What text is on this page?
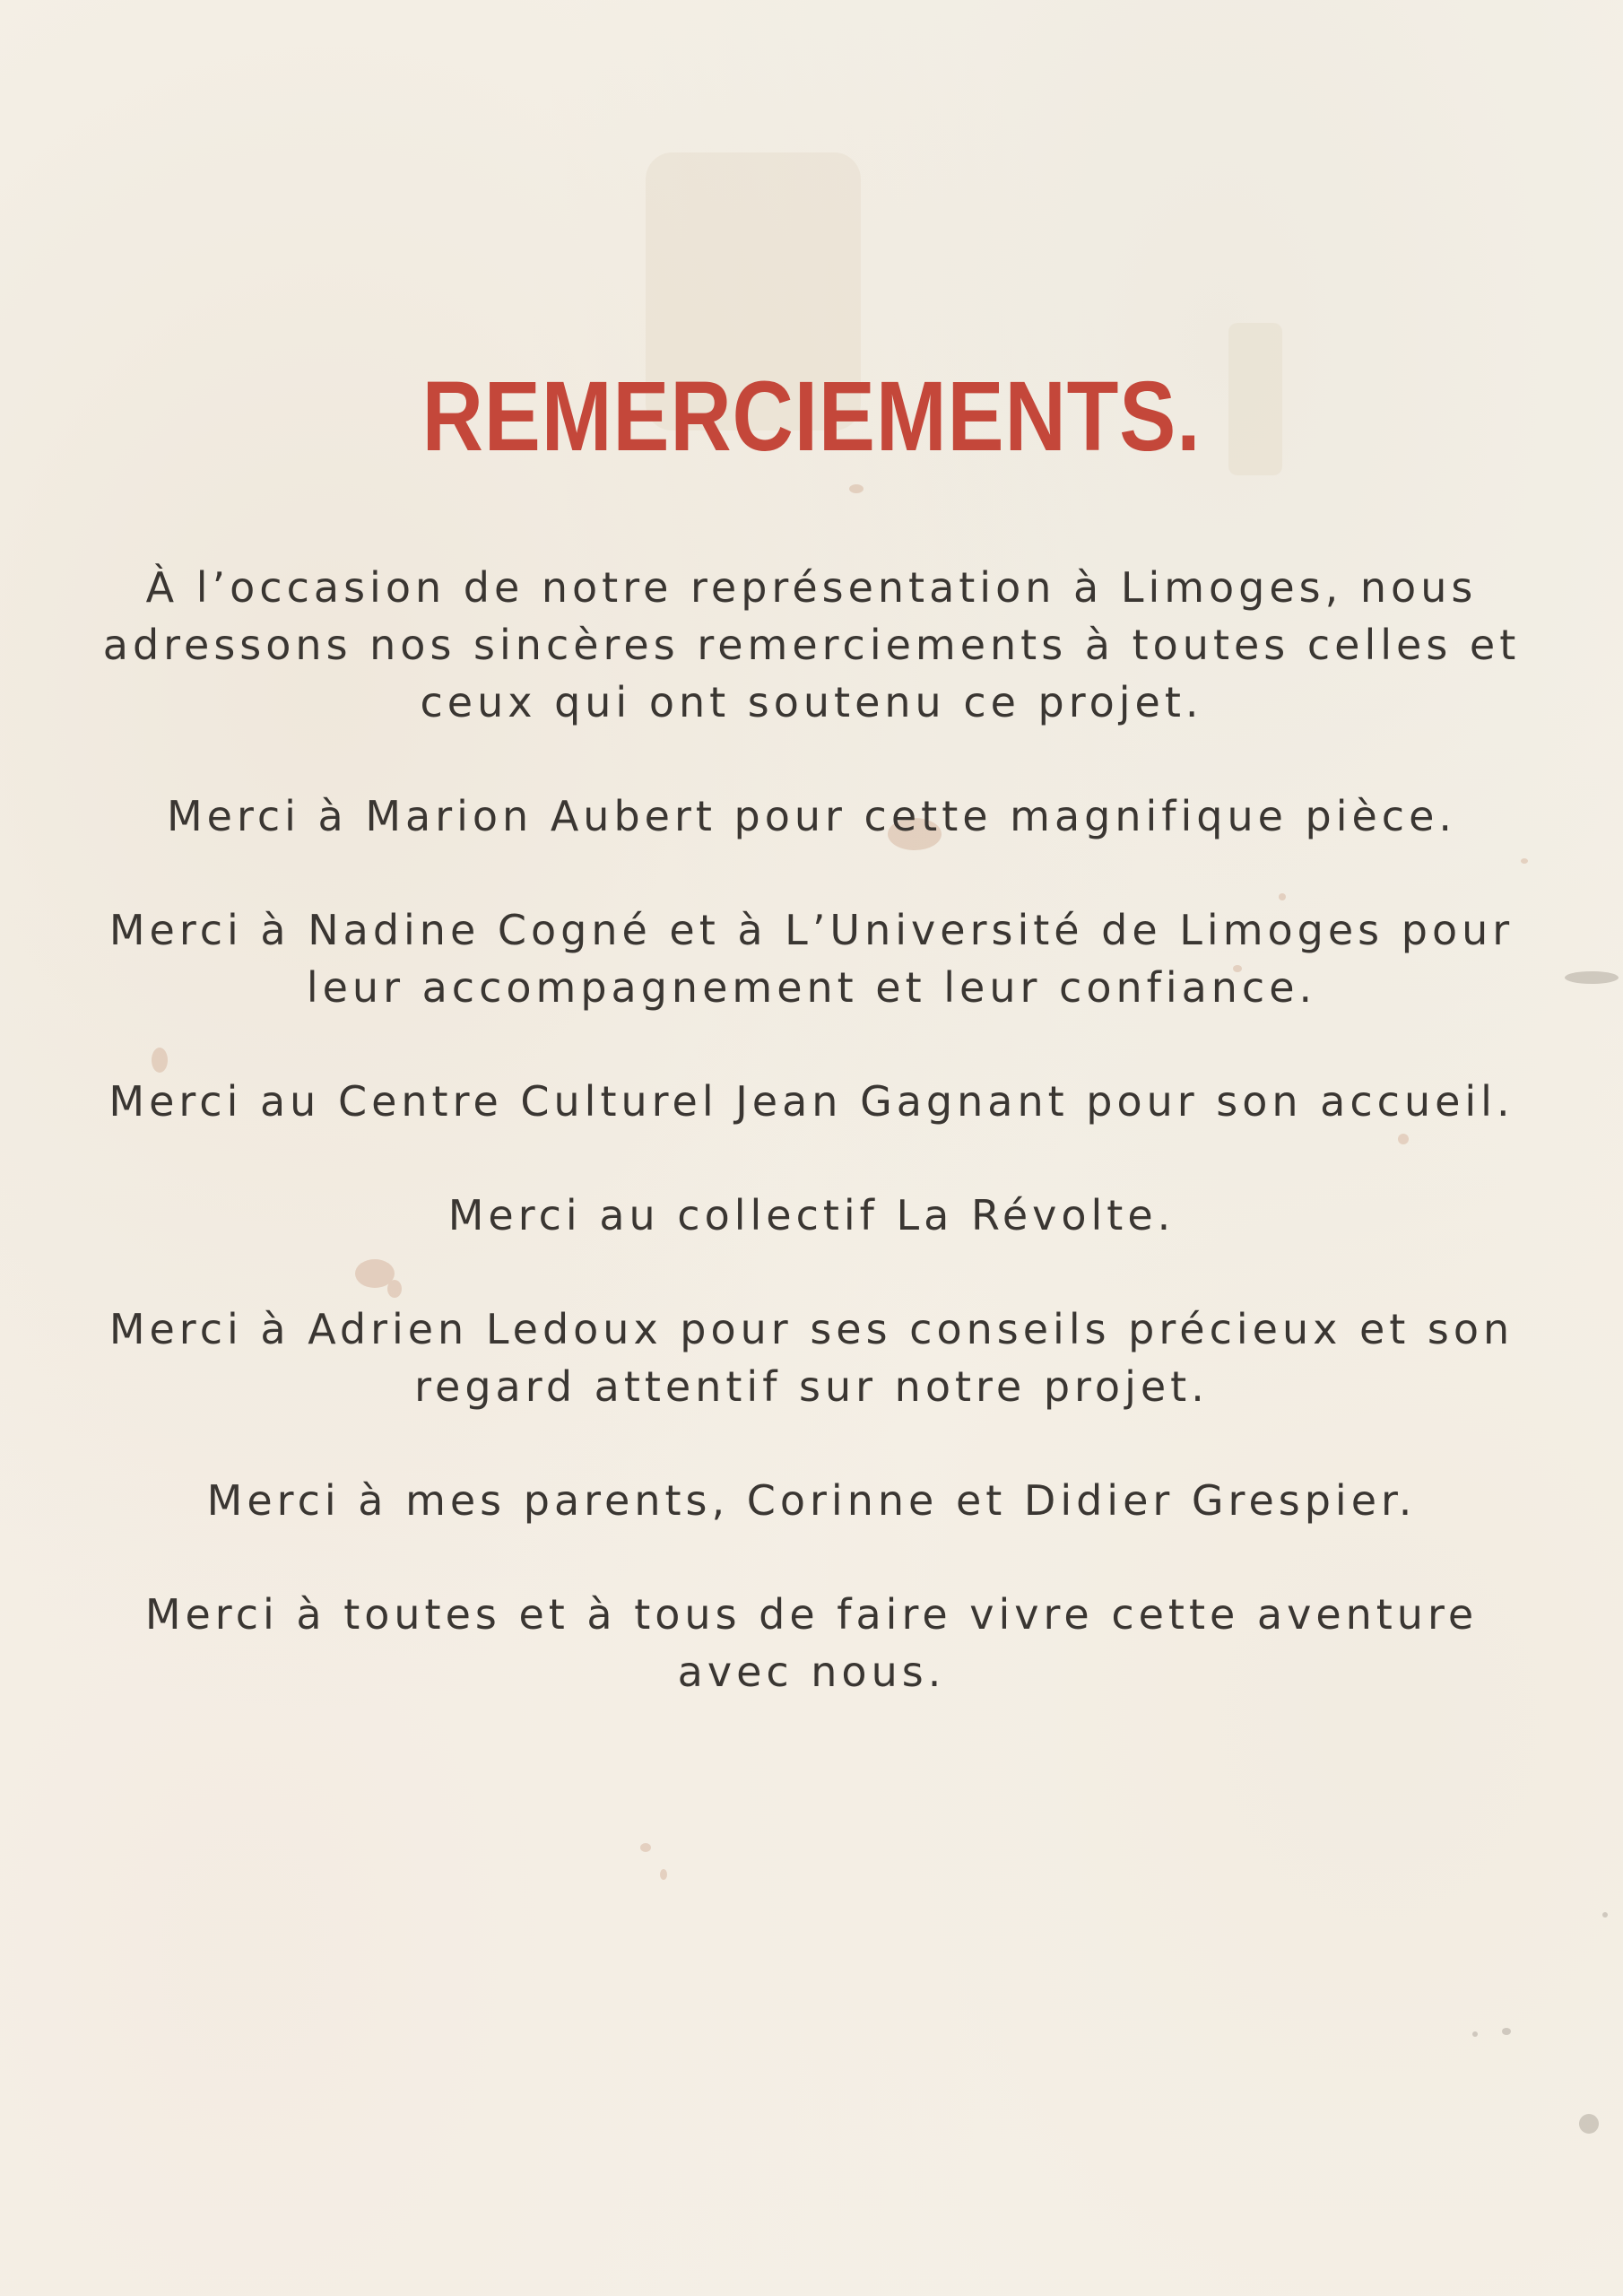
REMERCIEMENTS.

À l’occasion de notre représentation à Limoges, nous adressons nos sincères remerciements à toutes celles et ceux qui ont soutenu ce projet.

Merci à Marion Aubert pour cette magnifique pièce.

Merci à Nadine Cogné et à L’Université de Limoges pour leur accompagnement et leur confiance.

Merci au Centre Culturel Jean Gagnant pour son accueil.

Merci au collectif La Révolte.

Merci à Adrien Ledoux pour ses conseils précieux et son regard attentif sur notre projet.

Merci à mes parents, Corinne et Didier Grespier.

Merci à toutes et à tous de faire vivre cette aventure avec nous.
